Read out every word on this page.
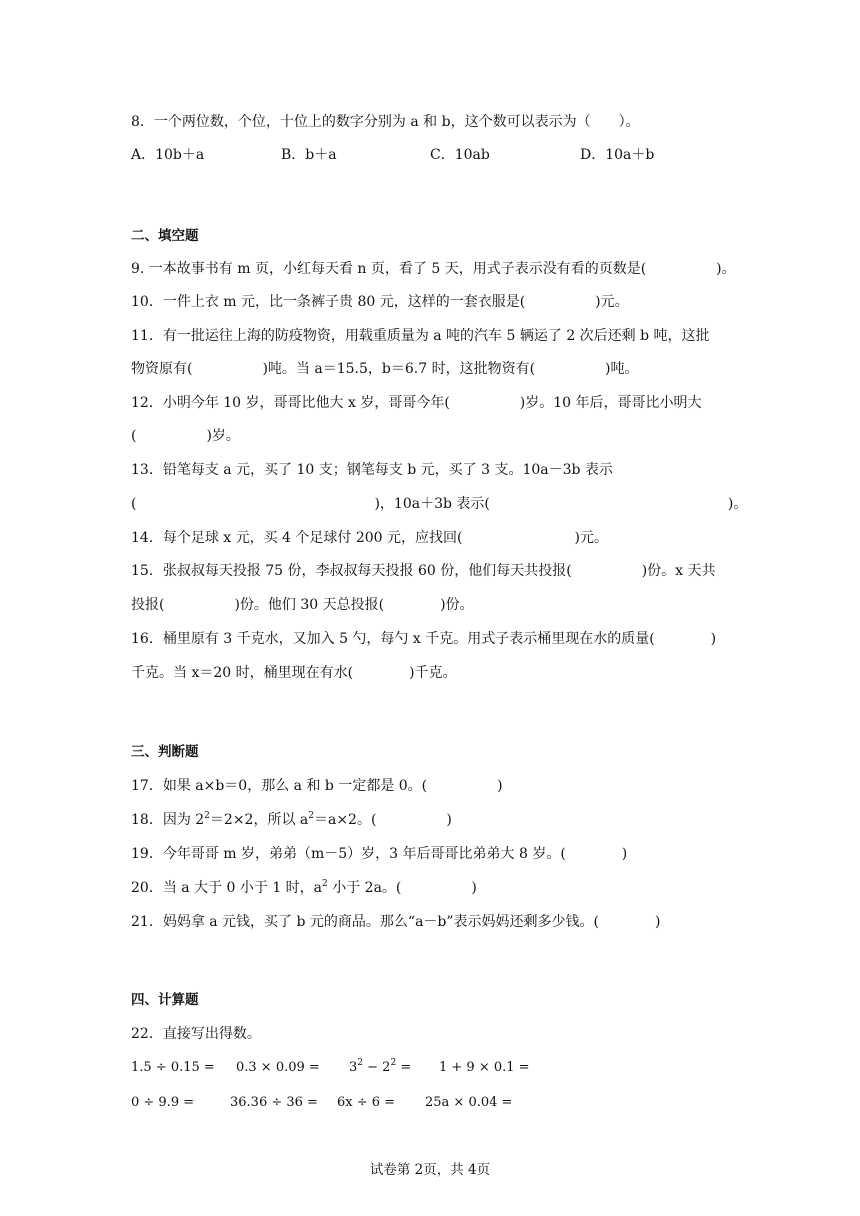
8．一个两位数，个位，十位上的数字分别为 a 和 b，这个数可以表示为（　　）。
A．10b＋a	B．b＋a	C．10ab	D．10a＋b
二、填空题
9. 一本故事书有 m 页，小红每天看 n 页，看了 5 天，用式子表示没有看的页数是(　　　　　)。
10．一件上衣 m 元，比一条裤子贵 80 元，这样的一套衣服是(　　　　　)元。
11．有一批运往上海的防疫物资，用载重质量为 a 吨的汽车 5 辆运了 2 次后还剩 b 吨，这批
物资原有(　　　　　)吨。当 a＝15.5，b＝6.7 时，这批物资有(　　　　　)吨。
12．小明今年 10 岁，哥哥比他大 x 岁，哥哥今年(　　　　　)岁。10 年后，哥哥比小明大
(　　　　　)岁。
13．铅笔每支 a 元，买了 10 支；钢笔每支 b 元，买了 3 支。10a－3b 表示
(　　　　　　　　　　　　　　　　　)，10a＋3b 表示(　　　　　　　　　　　　　　　　　)。
14．每个足球 x 元，买 4 个足球付 200 元，应找回(　　　　　　　　)元。
15．张叔叔每天投报 75 份，李叔叔每天投报 60 份，他们每天共投报(　　　　　)份。x 天共
投报(　　　　　)份。他们 30 天总投报(　　　　)份。
16．桶里原有 3 千克水，又加入 5 勺，每勺 x 千克。用式子表示桶里现在水的质量(　　　　)
千克。当 x＝20 时，桶里现在有水(　　　　)千克。
三、判断题
17．如果 a×b＝0，那么 a 和 b 一定都是 0。(　　　　　)
18．因为 $2^2=2\times 2$，所以 $a^2=a\times 2$。(　　　　　)
19．今年哥哥 m 岁，弟弟（m－5）岁，3 年后哥哥比弟弟大 8 岁。(　　　　)
20．当 a 大于 0 小于 1 时，$a^2$ 小于 2a。(　　　　　)
21．妈妈拿 a 元钱，买了 b 元的商品。那么“a－b”表示妈妈还剩多少钱。(　　　　)
四、计算题
22．直接写出得数。
$1.5 \div 0.15 = 0.3 \times 0.09 = 3^2 - 2^2 = 1 + 9 \times 0.1$ =
0 ÷ 9.9 =	36.36 ÷ 36 = 6x ÷ 6 = 25a × 0.04 =
试卷第 2页，共 4页
